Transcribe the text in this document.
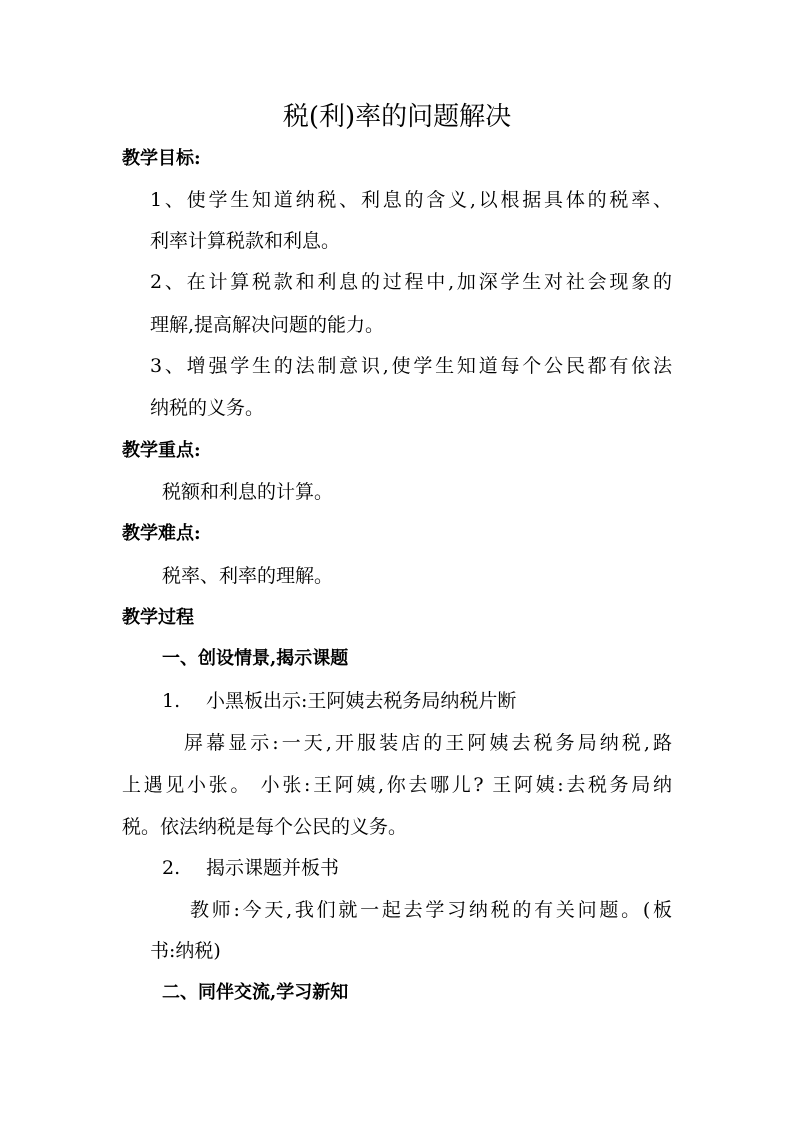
税(利)率的问题解决
教学目标:
1、使学生知道纳税、利息的含义,以根据具体的税率、
利率计算税款和利息。
2、在计算税款和利息的过程中,加深学生对社会现象的
理解,提高解决问题的能力。
3、增强学生的法制意识,使学生知道每个公民都有依法
纳税的义务。
教学重点:
税额和利息的计算。
教学难点:
税率、利率的理解。
教学过程
一、创设情景,揭示课题
1. 小黑板出示:王阿姨去税务局纳税片断
屏幕显示:一天,开服装店的王阿姨去税务局纳税,路
上遇见小张。 小张:王阿姨,你去哪儿? 王阿姨:去税务局纳
税。依法纳税是每个公民的义务。
2. 揭示课题并板书
教师:今天,我们就一起去学习纳税的有关问题。(板
书:纳税)
二、同伴交流,学习新知
